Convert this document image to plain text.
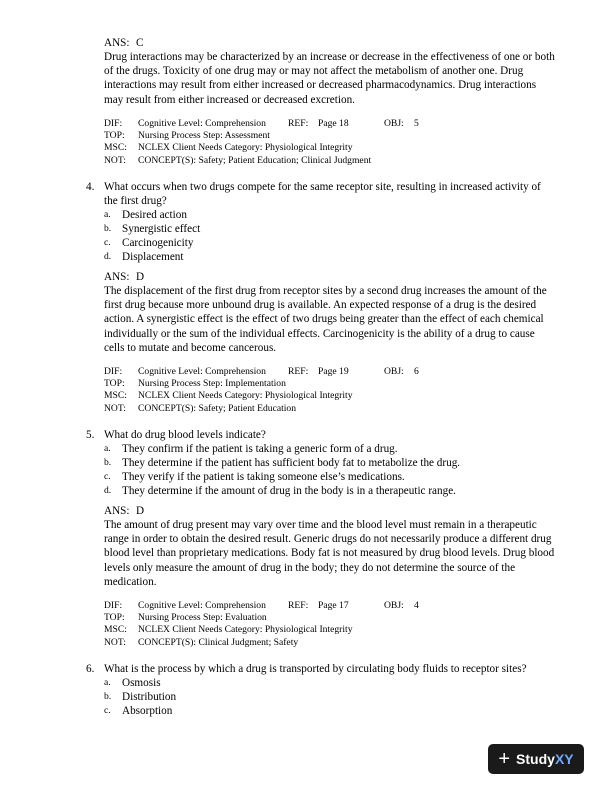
ANS: C
Drug interactions may be characterized by an increase or decrease in the effectiveness of one or both of the drugs. Toxicity of one drug may or may not affect the metabolism of another one. Drug interactions may result from either increased or decreased pharmacodynamics. Drug interactions may result from either increased or decreased excretion.
DIF: Cognitive Level: Comprehension REF: Page 18	OBJ: 5
TOP: Nursing Process Step: Assessment
MSC: NCLEX Client Needs Category: Physiological Integrity
NOT: CONCEPT(S): Safety; Patient Education; Clinical Judgment
4. What occurs when two drugs compete for the same receptor site, resulting in increased activity of the first drug?
a. Desired action
b. Synergistic effect
c. Carcinogenicity
d. Displacement
ANS: D
The displacement of the first drug from receptor sites by a second drug increases the amount of the first drug because more unbound drug is available. An expected response of a drug is the desired action. A synergistic effect is the effect of two drugs being greater than the effect of each chemical individually or the sum of the individual effects. Carcinogenicity is the ability of a drug to cause cells to mutate and become cancerous.
DIF: Cognitive Level: Comprehension REF: Page 19	OBJ: 6
TOP: Nursing Process Step: Implementation
MSC: NCLEX Client Needs Category: Physiological Integrity
NOT: CONCEPT(S): Safety; Patient Education
5. What do drug blood levels indicate?
a. They confirm if the patient is taking a generic form of a drug.
b. They determine if the patient has sufficient body fat to metabolize the drug.
c. They verify if the patient is taking someone else’s medications.
d. They determine if the amount of drug in the body is in a therapeutic range.
ANS: D
The amount of drug present may vary over time and the blood level must remain in a therapeutic range in order to obtain the desired result. Generic drugs do not necessarily produce a different drug blood level than proprietary medications. Body fat is not measured by drug blood levels. Drug blood levels only measure the amount of drug in the body; they do not determine the source of the medication.
DIF: Cognitive Level: Comprehension REF: Page 17	OBJ: 4
TOP: Nursing Process Step: Evaluation
MSC: NCLEX Client Needs Category: Physiological Integrity
NOT: CONCEPT(S): Clinical Judgment; Safety
6. What is the process by which a drug is transported by circulating body fluids to receptor sites?
a. Osmosis
b. Distribution
c. Absorption
+ Study XY
